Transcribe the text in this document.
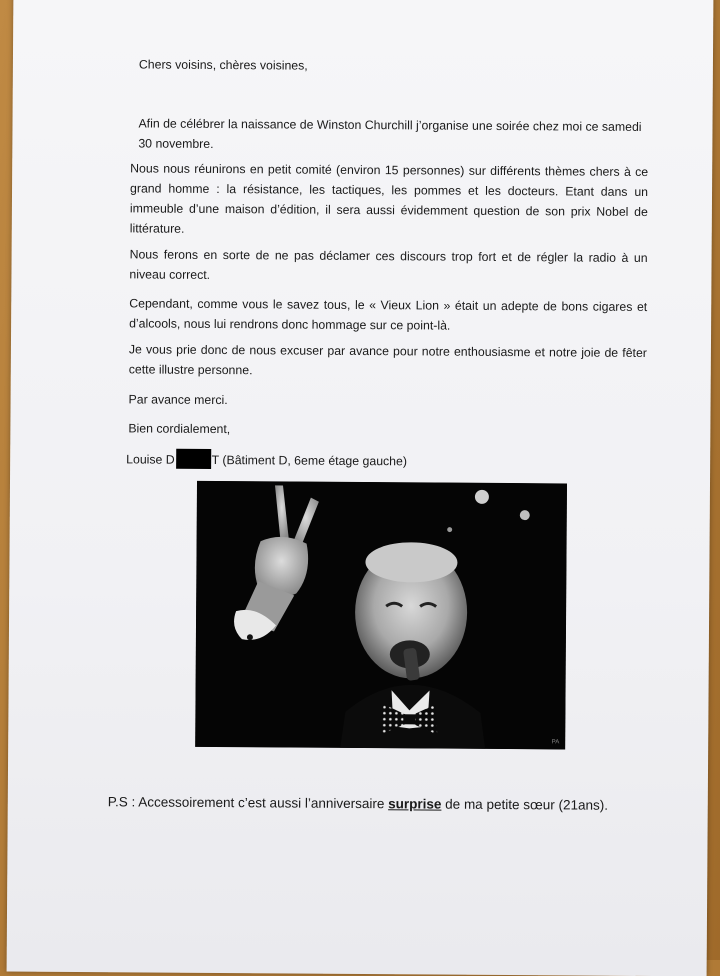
Chers voisins, chères voisines,
Afin de célébrer la naissance de Winston Churchill j’organise une soirée chez moi ce samedi 30 novembre.
Nous nous réunirons en petit comité (environ 15 personnes) sur différents thèmes chers à ce grand homme : la résistance, les tactiques, les pommes et les docteurs. Etant dans un immeuble d’une maison d’édition, il sera aussi évidemment question de son prix Nobel de littérature.
Nous ferons en sorte de ne pas déclamer ces discours trop fort et de régler la radio à un niveau correct.
Cependant, comme vous le savez tous, le « Vieux Lion » était un adepte de bons cigares et d’alcools, nous lui rendrons donc hommage sur ce point-là.
Je vous prie donc de nous excuser par avance pour notre enthousiasme et notre joie de fêter cette illustre personne.
Par avance merci.
Bien cordialement,
Louise D	T (Bâtiment D, 6eme étage gauche)
PA
P.S : Accessoirement c’est aussi l’anniversaire surprise de ma petite sœur (21ans).
